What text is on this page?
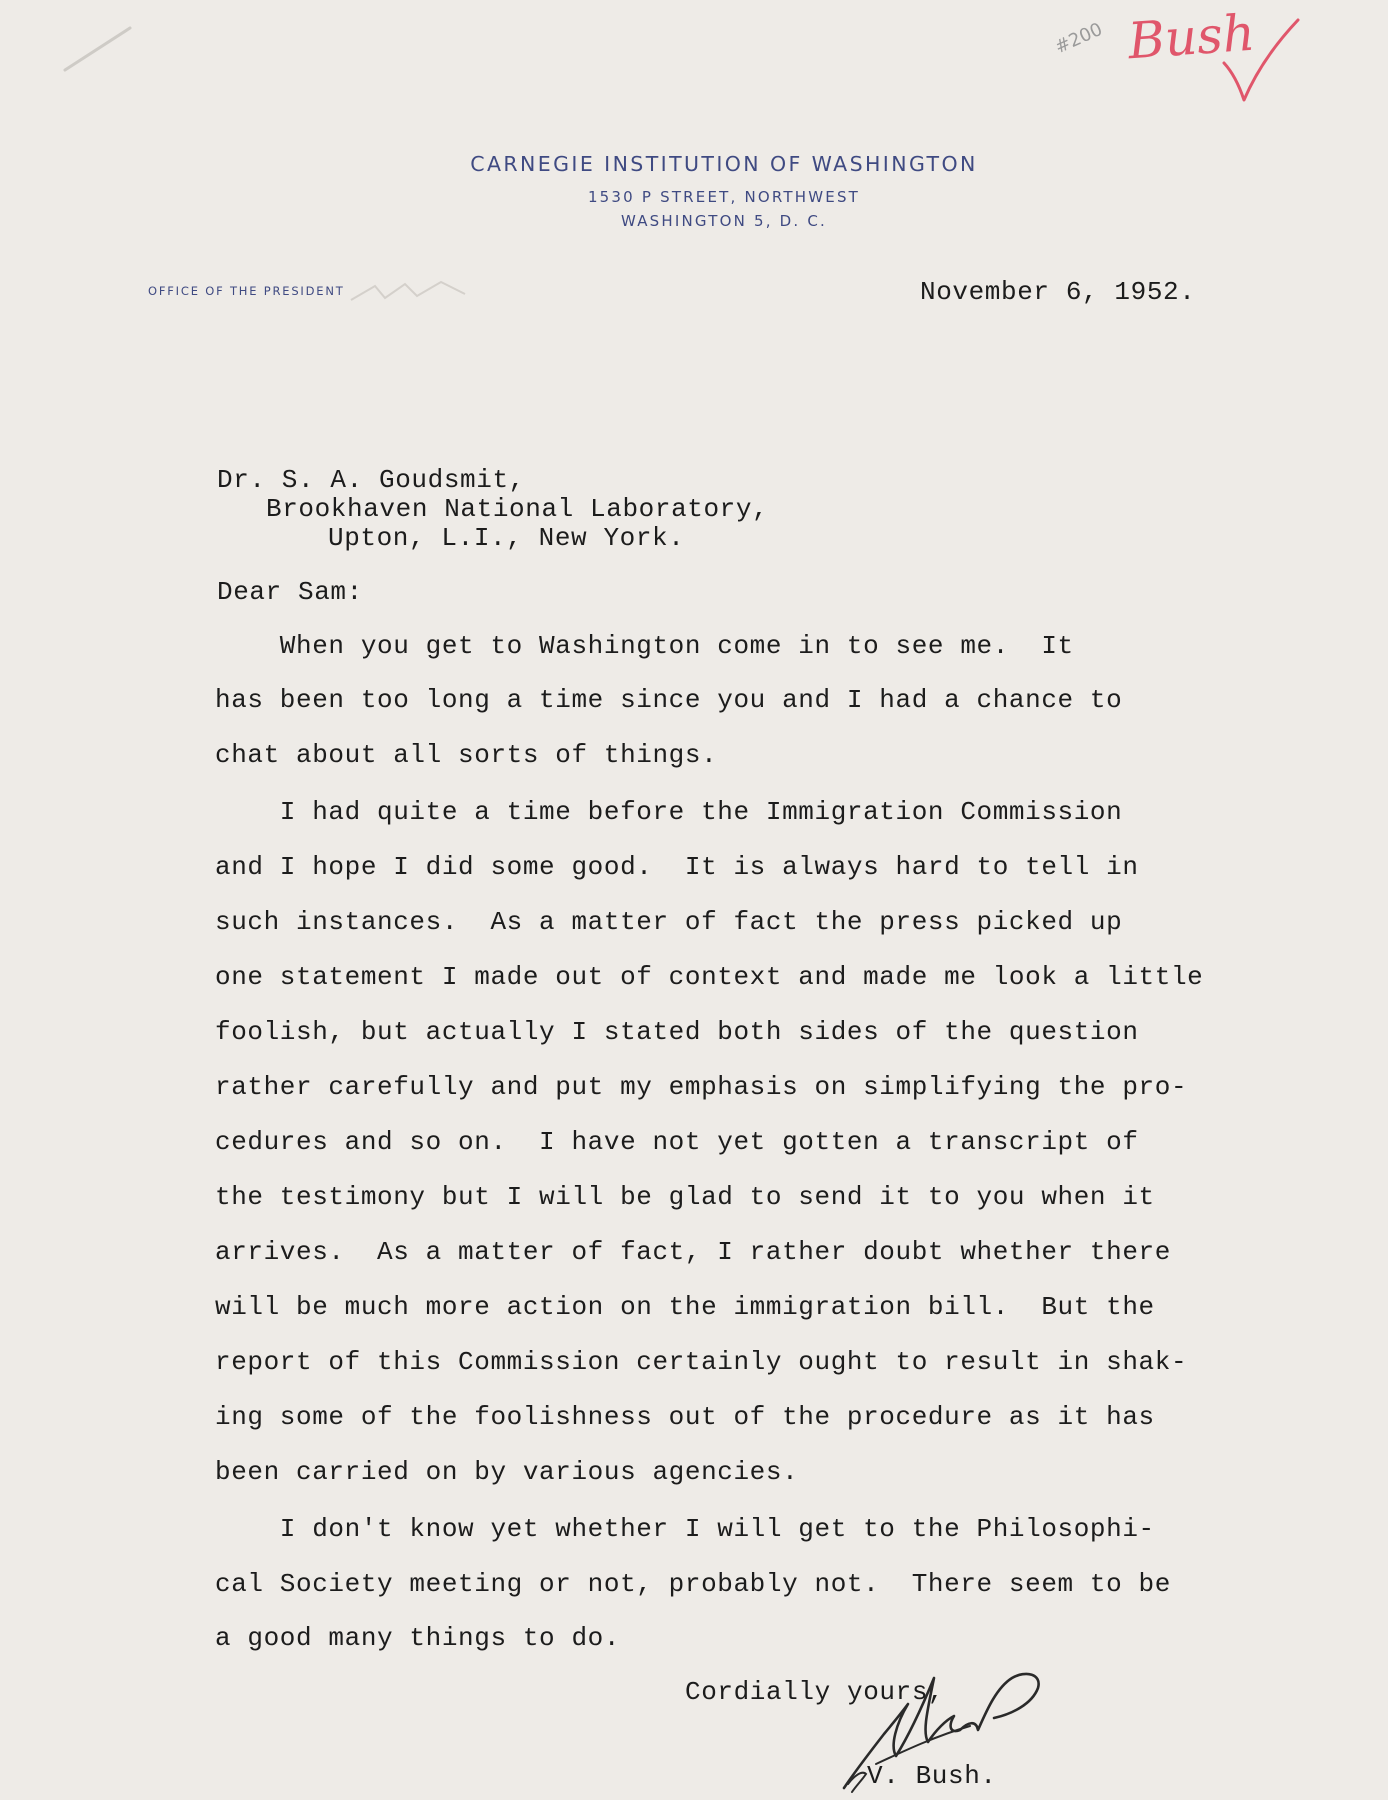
#200 Bush
CARNEGIE INSTITUTION OF WASHINGTON
1530 P STREET, NORTHWEST
WASHINGTON 5, D. C.
OFFICE OF THE PRESIDENT	November 6, 1952.
Dr. S. A. Goudsmit,
Brookhaven National Laboratory,
Upton, L.I., New York.
Dear Sam:
When you get to Washington come in to see me.  It
has been too long a time since you and I had a chance to
chat about all sorts of things.
I had quite a time before the Immigration Commission
and I hope I did some good.  It is always hard to tell in
such instances.  As a matter of fact the press picked up
one statement I made out of context and made me look a little
foolish, but actually I stated both sides of the question
rather carefully and put my emphasis on simplifying the pro-
cedures and so on.  I have not yet gotten a transcript of
the testimony but I will be glad to send it to you when it
arrives.  As a matter of fact, I rather doubt whether there
will be much more action on the immigration bill.  But the
report of this Commission certainly ought to result in shak-
ing some of the foolishness out of the procedure as it has
been carried on by various agencies.
I don't know yet whether I will get to the Philosophi-
cal Society meeting or not, probably not.  There seem to be
a good many things to do.
Cordially yours,
V. Bush.
